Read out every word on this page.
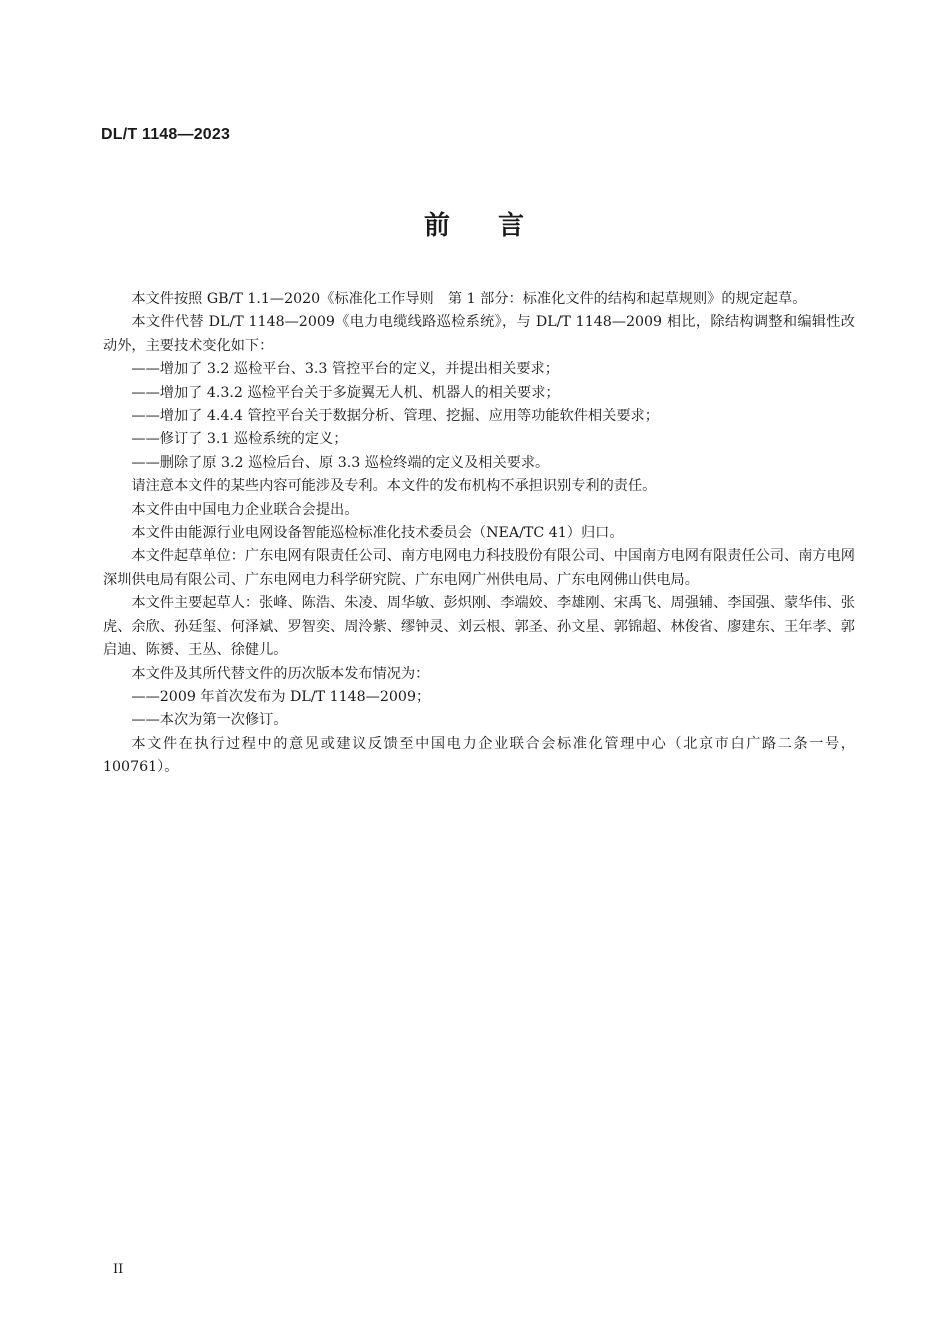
DL/T 1148—2023
前 言

本文件按照 GB/T 1.1—2020《标准化工作导则　第 1 部分：标准化文件的结构和起草规则》的规定起草。

本文件代替 DL/T 1148—2009《电力电缆线路巡检系统》，与 DL/T 1148—2009 相比，除结构调整和编辑性改动外，主要技术变化如下：

——增加了 3.2 巡检平台、3.3 管控平台的定义，并提出相关要求；

——增加了 4.3.2 巡检平台关于多旋翼无人机、机器人的相关要求；

——增加了 4.4.4 管控平台关于数据分析、管理、挖掘、应用等功能软件相关要求；

——修订了 3.1 巡检系统的定义；

——删除了原 3.2 巡检后台、原 3.3 巡检终端的定义及相关要求。

请注意本文件的某些内容可能涉及专利。本文件的发布机构不承担识别专利的责任。

本文件由中国电力企业联合会提出。

本文件由能源行业电网设备智能巡检标准化技术委员会（NEA/TC 41）归口。

本文件起草单位：广东电网有限责任公司、南方电网电力科技股份有限公司、中国南方电网有限责任公司、南方电网深圳供电局有限公司、广东电网电力科学研究院、广东电网广州供电局、广东电网佛山供电局。

本文件主要起草人：张峰、陈浩、朱凌、周华敏、彭炽刚、李端姣、李雄刚、宋禹飞、周强辅、李国强、蒙华伟、张虎、余欣、孙廷玺、何泽斌、罗智奕、周泠紫、缪钟灵、刘云根、郭圣、孙文星、郭锦超、林俊省、廖建东、王年孝、郭启迪、陈赟、王丛、徐健儿。

本文件及其所代替文件的历次版本发布情况为：

——2009 年首次发布为 DL/T 1148—2009；

——本次为第一次修订。

本文件在执行过程中的意见或建议反馈至中国电力企业联合会标准化管理中心（北京市白广路二条一号，100761）。

II
